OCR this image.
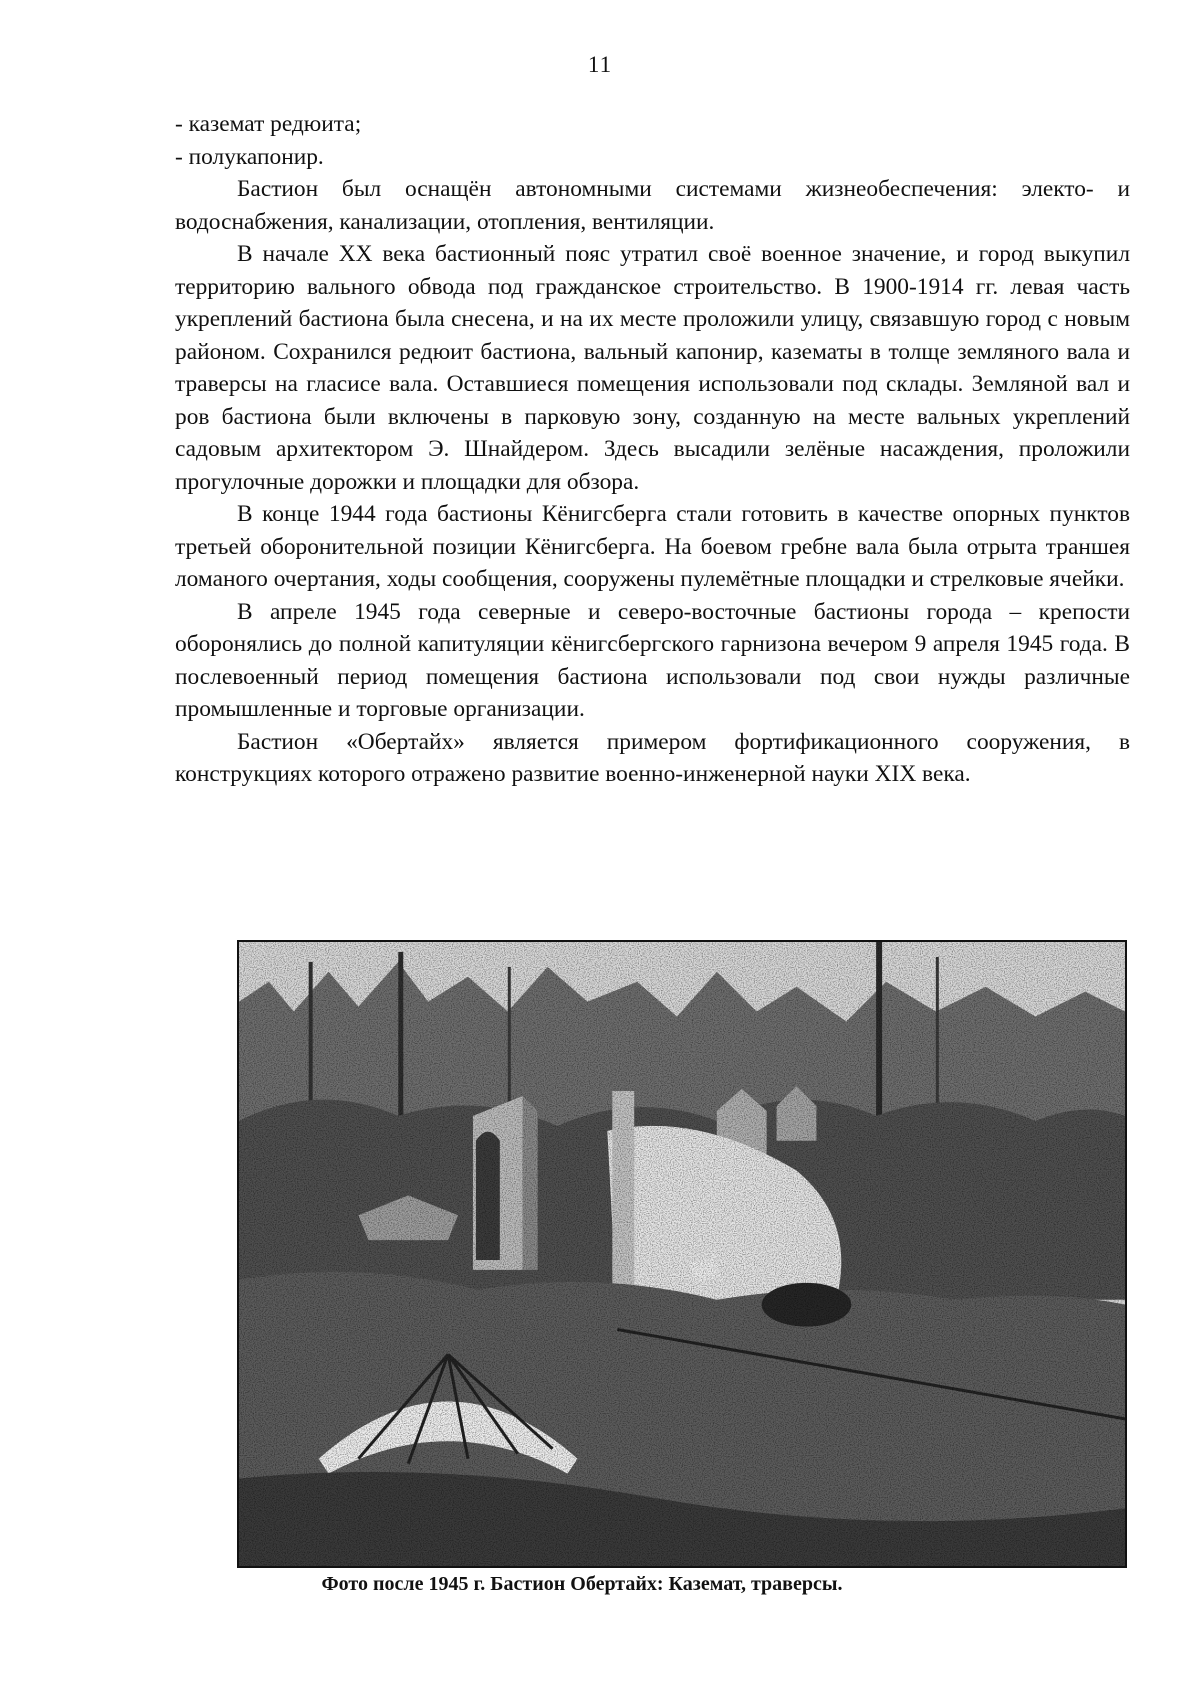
11

- каземат редюита;

- полукапонир.

Бастион был оснащён автономными системами жизнеобеспечения: электо- и водоснабжения, канализации, отопления, вентиляции.

В начале XX века бастионный пояс утратил своё военное значение, и город выкупил территорию вального обвода под гражданское строительство. В 1900-1914 гг. левая часть укреплений бастиона была снесена, и на их месте проложили улицу, связавшую город с новым районом. Сохранился редюит бастиона, вальный капонир, казематы в толще земляного вала и траверсы на гласисе вала. Оставшиеся помещения использовали под склады. Земляной вал и ров бастиона были включены в парковую зону, созданную на месте вальных укреплений садовым архитектором Э. Шнайдером. Здесь высадили зелёные насаждения, проложили прогулочные дорожки и площадки для обзора.

В конце 1944 года бастионы Кёнигсберга стали готовить в качестве опорных пунктов третьей оборонительной позиции Кёнигсберга. На боевом гребне вала была отрыта траншея ломаного очертания, ходы сообщения, сооружены пулемётные площадки и стрелковые ячейки.

В апреле 1945 года северные и северо-восточные бастионы города – крепости оборонялись до полной капитуляции кёнигсбергского гарнизона вечером 9 апреля 1945 года. В послевоенный период помещения бастиона использовали под свои нужды различные промышленные и торговые организации.

Бастион «Обертайх» является примером фортификационного сооружения, в конструкциях которого отражено развитие военно-инженерной науки XIX века.

Фото после 1945 г. Бастион Обертайх: Каземат, траверсы.
